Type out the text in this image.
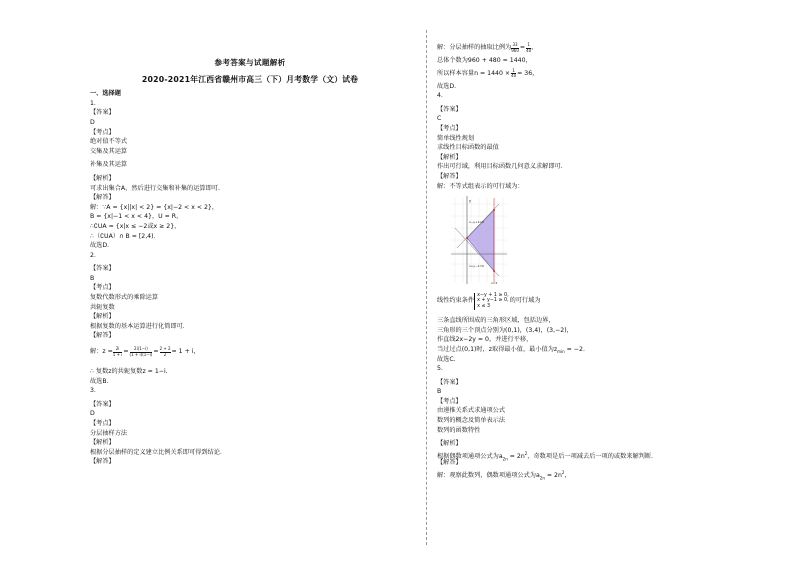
参考答案与试题解析
2020-2021年江西省赣州市高三（下）月考数学（文）试卷
一、选择题
1.
【答案】
D
【考点】
绝对值不等式
交集及其运算
补集及其运算
【解析】
可求出集合A，然后进行交集和补集的运算即可.
【解答】
解：∵A = {x||x| < 2} = {x|−2 < x < 2}，
B = {x|−1 < x < 4}，U = R，
∴∁UA = {x|x ≤ −2或x ≥ 2}，
∴（∁UA）∩ B = [2,4)．
故选D．
2.
【答案】
B
【考点】
复数代数形式的乘除运算
共轭复数
【解析】
根据复数的基本运算进行化简即可.
【解答】
解：$z = \frac{2i}{1 + i} = \frac{2i(1-i)}{(1 + i)(1-i)} = \frac{2 + 2}{2} = 1 + i$，
∴ 复数z的共轭复数z = 1−i.
故选B.
3.
【答案】
D
【考点】
分层抽样方法
【解析】
根据分层抽样的定义建立比例关系即可得到结论．
【解答】
解：分层抽样的抽取比例为 $\frac{33}{960} = \frac{1}{40}$ ，
总体个数为960 + 480 = 1440，
所以样本容量$n = 1440 \times \frac{1}{40} = 36$，
故选D.
4.
【答案】
C
【考点】
简单线性规划
求线性目标函数的最值
【解析】
作出可行域，利用目标函数几何意义求解即可.
【解答】
解：不等式组表示的可行域为：
y
x−y+1=0
x+y−1=0
x=3
线性约束条件
x−y + 1 ≥ 0,
x + y−1 ≥ 0,
x ≤ 3
的可行域为
三条直线所围成的三角形区域，包括边界，
三角形的三个顶点分别为(0,1)，(3,4)，(3,−2)，
作直线2x−2y = 0，并进行平移，
当过过点(0,1)时，z取得最小值，最小值为$z_{min} = -2$.
故选C.
5.
【答案】
B
【考点】
由递推关系式求通项公式
数列的概念及简单表示法
数列的函数特性
【解析】
根据偶数项通项公式为$a_{2n} = 2n^2$，奇数项是后一项减去后一项的或数来解判断.
【解答】
解：观察此数列，偶数项通项公式为$a_{2n} = 2n^2$，
